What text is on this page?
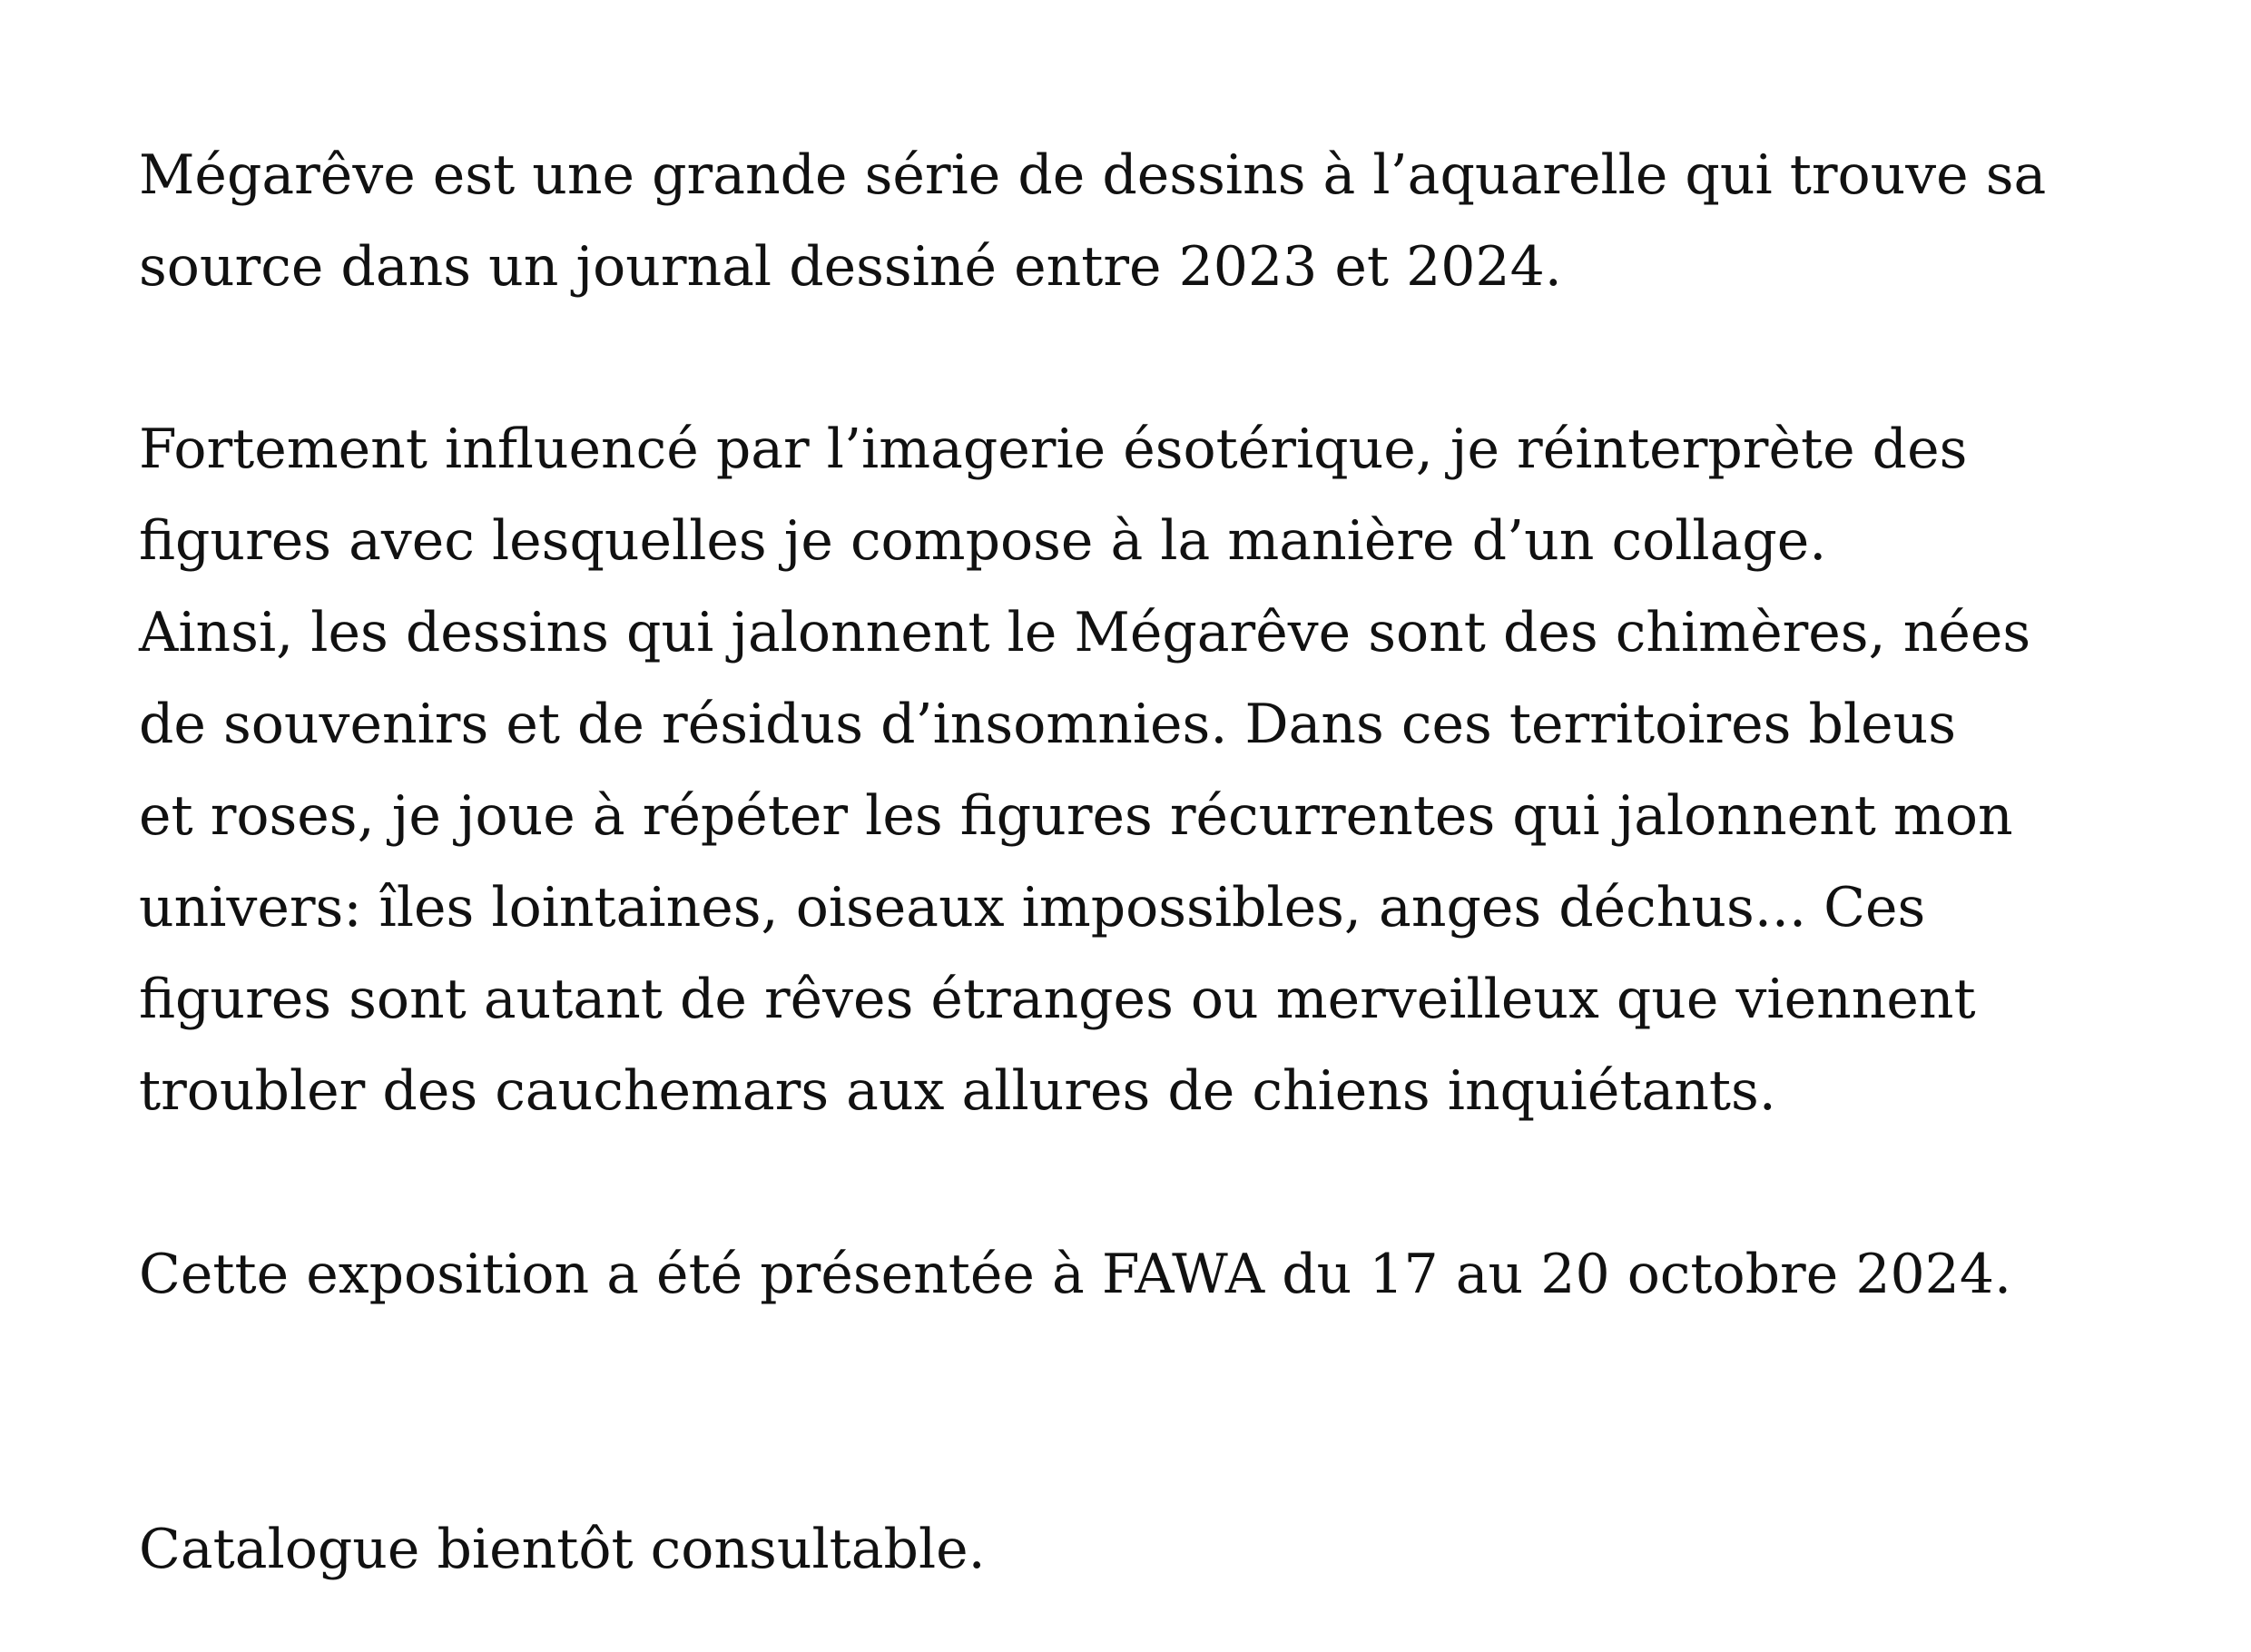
Mégarêve est une grande série de dessins à l’aquarelle qui trouve sa
source dans un journal dessiné entre 2023 et 2024.
Fortement influencé par l’imagerie ésotérique, je réinterprète des
figures avec lesquelles je compose à la manière d’un collage.
Ainsi, les dessins qui jalonnent le Mégarêve sont des chimères, nées
de souvenirs et de résidus d’insomnies. Dans ces territoires bleus
et roses, je joue à répéter les figures récurrentes qui jalonnent mon
univers: îles lointaines, oiseaux impossibles, anges déchus... Ces
figures sont autant de rêves étranges ou merveilleux que viennent
troubler des cauchemars aux allures de chiens inquiétants.
Cette exposition a été présentée à FAWA du 17 au 20 octobre 2024.
Catalogue bientôt consultable.
